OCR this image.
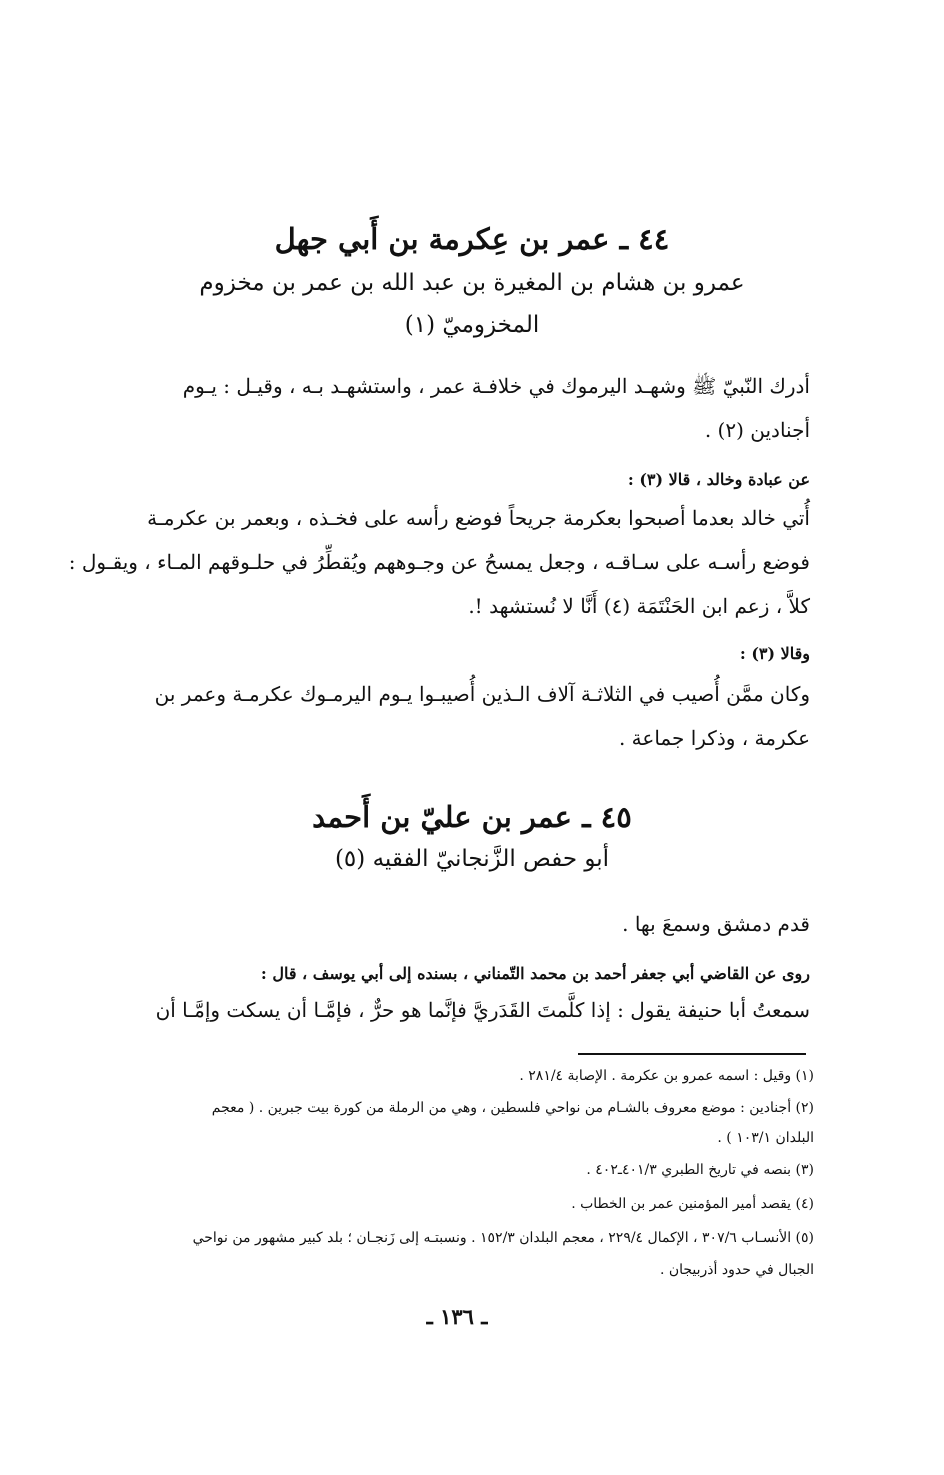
٤٤ ـ عمر بن عِكرمة بن أَبي جهل
عمرو بن هشام بن المغيرة بن عبد الله بن عمر بن مخزوم
المخزوميّ (١)
أدرك النّبيّ ﷺ وشهـد اليرموك في خلافـة عمر ، واستشهـد بـه ، وقيـل : يـوم
أجنادين (٢) .
عن عبادة وخالد ، قالا (٣) :
أُتي خالد بعدما أصبحوا بعكرمة جريحاً فوضع رأسه على فخـذه ، وبعمر بن عكرمـة
فوضع رأسـه على سـاقـه ، وجعل يمسحُ عن وجـوههم ويُقطِّرُ في حلـوقهم المـاء ، ويقـول :
كلاَّ ، زعم ابن الحَنْتَمَة (٤) أَنَّا لا نُستشهد !.
وقالا (٣) :
وكان ممَّن أُصيب في الثلاثـة آلاف الـذين أُصيبـوا يـوم اليرمـوك عكرمـة وعمر بن
عكرمة ، وذكرا جماعة .
٤٥ ـ عمر بن عليّ بن أَحمد
أبو حفص الزَّنجانيّ الفقيه (٥)
قدم دمشق وسمعَ بها .
روى عن القاضي أبي جعفر أحمد بن محمد التّمناني ، بسنده إلى أبي يوسف ، قال :
سمعتُ أبا حنيفة يقول : إذا كلَّمتَ القَدَريَّ فإنَّما هو حرٌّ ، فإمَّـا أن يسكت وإمَّـا أن
(١) وقيل : اسمه عمرو بن عكرمة . الإصابة ٢٨١/٤ .
(٢) أجنادين : موضع معروف بالشـام من نواحي فلسطين ، وهي من الرملة من كورة بيت جبرين . ( معجم
البلدان ١٠٣/١ ) .
(٣) بنصه في تاريخ الطبري ٤٠١/٣ـ٤٠٢ .
(٤) يقصد أمير المؤمنين عمر بن الخطاب .
(٥) الأنسـاب ٣٠٧/٦ ، الإكمال ٢٢٩/٤ ، معجم البلدان ١٥٢/٣ . ونسبتـه إلى زَنجـان ؛ بلد كبير مشهور من نواحي
الجبال في حدود أذربيجان .
ـ ١٣٦ ـ
